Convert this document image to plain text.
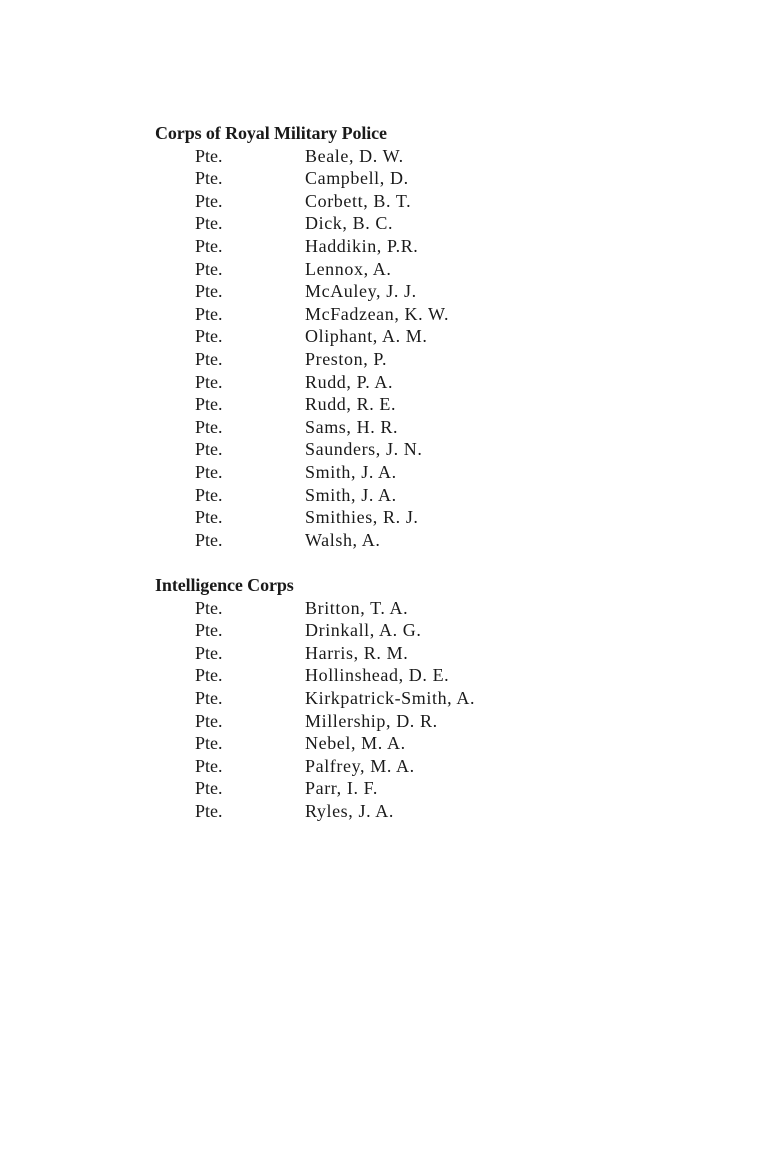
Corps of Royal Military Police
Pte.	Beale, D. W.
Pte.	Campbell, D.
Pte.	Corbett, B. T.
Pte.	Dick, B. C.
Pte.	Haddikin, P.R.
Pte.	Lennox, A.
Pte.	McAuley, J. J.
Pte.	McFadzean, K. W.
Pte.	Oliphant, A. M.
Pte.	Preston, P.
Pte.	Rudd, P. A.
Pte.	Rudd, R. E.
Pte.	Sams, H. R.
Pte.	Saunders, J. N.
Pte.	Smith, J. A.
Pte.	Smith, J. A.
Pte.	Smithies, R. J.
Pte.	Walsh, A.
Intelligence Corps
Pte.	Britton, T. A.
Pte.	Drinkall, A. G.
Pte.	Harris, R. M.
Pte.	Hollinshead, D. E.
Pte.	Kirkpatrick-Smith, A.
Pte.	Millership, D. R.
Pte.	Nebel, M. A.
Pte.	Palfrey, M. A.
Pte.	Parr, I. F.
Pte.	Ryles, J. A.
